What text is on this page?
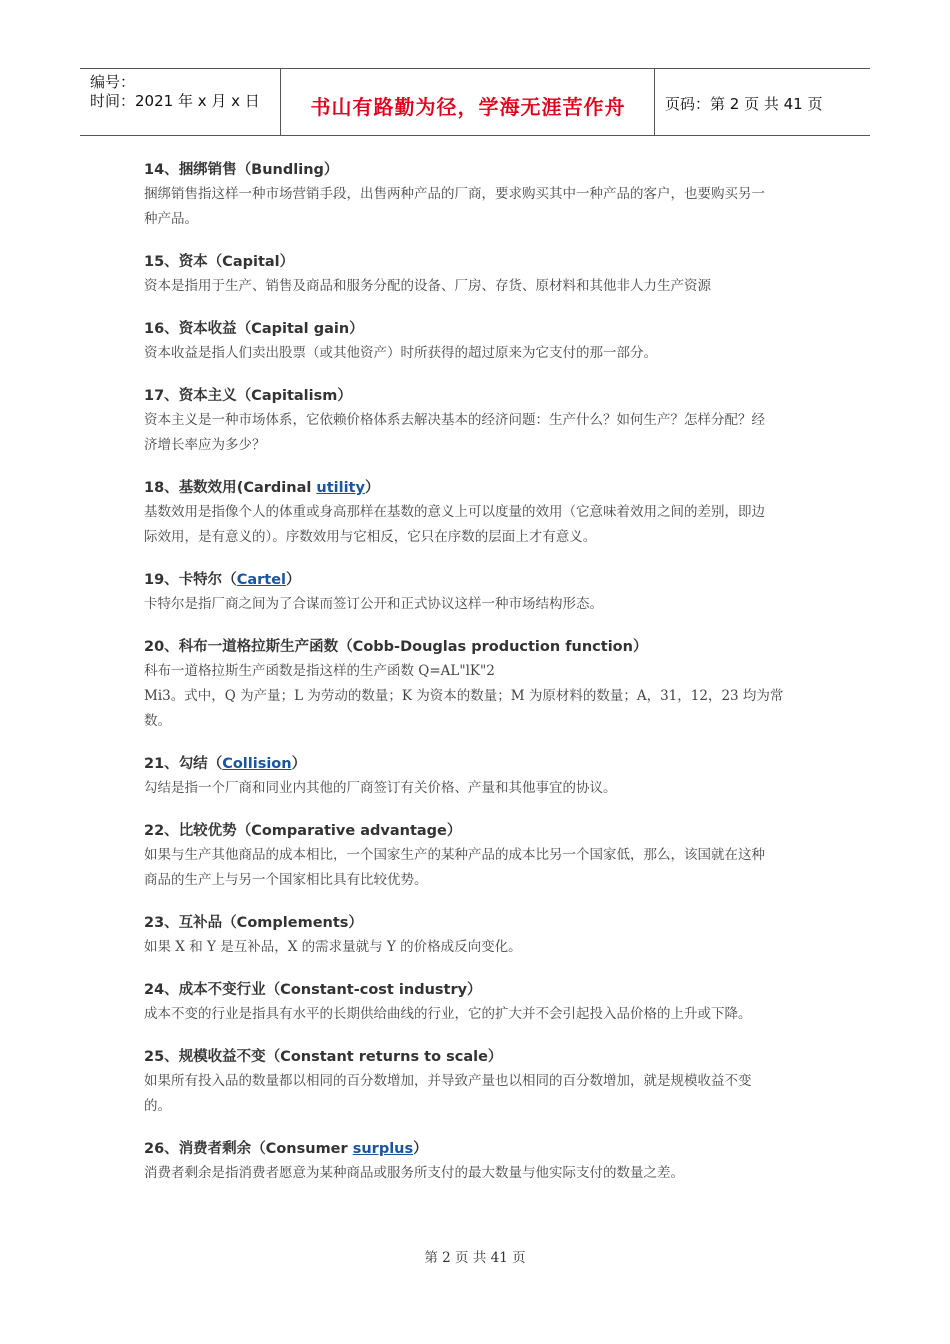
编号：
时间：2021 年 x 月 x 日	书山有路勤为径，学海无涯苦作舟	页码：第 2 页 共 41 页

14、捆绑销售（Bundling）

捆绑销售指这样一种市场营销手段，出售两种产品的厂商，要求购买其中一种产品的客户，也要购买另一

种产品。

15、资本（Capital）

资本是指用于生产、销售及商品和服务分配的设备、厂房、存货、原材料和其他非人力生产资源

16、资本收益（Capital gain）

资本收益是指人们卖出股票（或其他资产）时所获得的超过原来为它支付的那一部分。

17、资本主义（Capitalism）

资本主义是一种市场体系，它依赖价格体系去解决基本的经济问题：生产什么？如何生产？怎样分配？经

济增长率应为多少？

18、基数效用(Cardinal utility）

基数效用是指像个人的体重或身高那样在基数的意义上可以度量的效用（它意味着效用之间的差别，即边

际效用，是有意义的）。序数效用与它相反，它只在序数的层面上才有意义。

19、卡特尔（Cartel）

卡特尔是指厂商之间为了合谋而签订公开和正式协议这样一种市场结构形态。

20、科布一道格拉斯生产函数（Cobb-Douglas production function）

科布一道格拉斯生产函数是指这样的生产函数 Q=AL"lK"2

Mi3。式中，Q 为产量；L 为劳动的数量；K 为资本的数量；M 为原材料的数量；A，31，12，23 均为常

数。

21、勾结（Collision）

勾结是指一个厂商和同业内其他的厂商签订有关价格、产量和其他事宜的协议。

22、比较优势（Comparative advantage）

如果与生产其他商品的成本相比，一个国家生产的某种产品的成本比另一个国家低，那么，该国就在这种

商品的生产上与另一个国家相比具有比较优势。

23、互补品（Complements）

如果 X 和 Y 是互补品，X 的需求量就与 Y 的价格成反向变化。

24、成本不变行业（Constant-cost industry）

成本不变的行业是指具有水平的长期供给曲线的行业，它的扩大并不会引起投入品价格的上升或下降。

25、规模收益不变（Constant returns to scale）

如果所有投入品的数量都以相同的百分数增加，并导致产量也以相同的百分数增加，就是规模收益不变

的。

26、消费者剩余（Consumer surplus）

消费者剩余是指消费者愿意为某种商品或服务所支付的最大数量与他实际支付的数量之差。

第 2 页 共 41 页
